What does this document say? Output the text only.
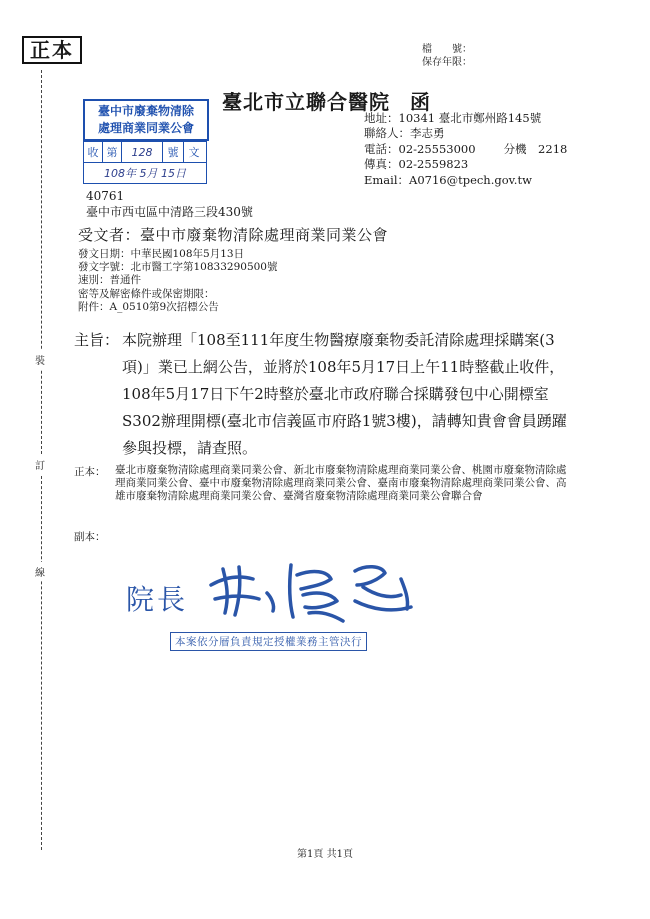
正本
裝
訂
線
檔　　號：
保存年限：
臺北市立聯合醫院 函
地址：10341 臺北市鄭州路145號
聯絡人：李志勇
電話：02-25553000 分機　2218
傳真：02-2559823
Email：A0716@tpech.gov.tw
臺中市廢棄物清除
處理商業同業公會
收 第	128	號 文
108年 5月 15日
40761
臺中市西屯區中清路三段430號
受文者：臺中市廢棄物清除處理商業同業公會
發文日期：中華民國108年5月13日
發文字號：北市醫工字第10833290500號
速別：普通件
密等及解密條件或保密期限：
附件：A_0510第9次招標公告
主旨： 本院辦理「108至111年度生物醫療廢棄物委託清除處理採購案(3項)」業已上網公告，並將於108年5月17日上午11時整截止收件，108年5月17日下午2時整於臺北市政府聯合採購發包中心開標室S302辦理開標(臺北市信義區市府路1號3樓)，請轉知貴會會員踴躍參與投標，請查照。
正本： 臺北市廢棄物清除處理商業同業公會、新北市廢棄物清除處理商業同業公會、桃園市廢棄物清除處理商業同業公會、臺中市廢棄物清除處理商業同業公會、臺南市廢棄物清除處理商業同業公會、高雄市廢棄物清除處理商業同業公會、臺灣省廢棄物清除處理商業同業公會聯合會
副本：
院長
本案依分層負責規定授權業務主管決行
第1頁 共1頁
